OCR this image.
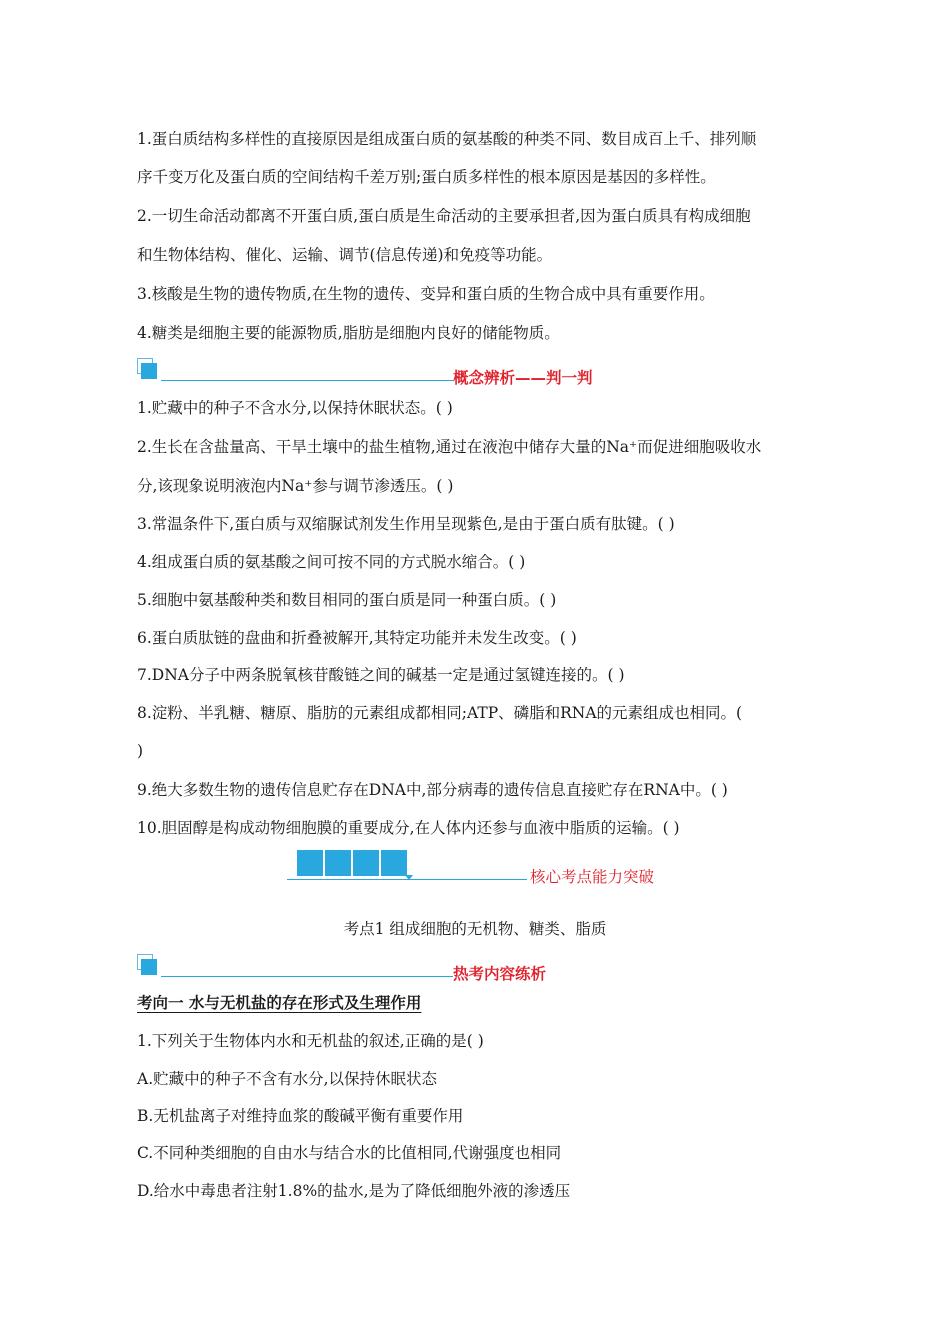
1.蛋白质结构多样性的直接原因是组成蛋白质的氨基酸的种类不同、数目成百上千、排列顺
序千变万化及蛋白质的空间结构千差万别;蛋白质多样性的根本原因是基因的多样性。
2.一切生命活动都离不开蛋白质,蛋白质是生命活动的主要承担者,因为蛋白质具有构成细胞
和生物体结构、催化、运输、调节(信息传递)和免疫等功能。
3.核酸是生物的遗传物质,在生物的遗传、变异和蛋白质的生物合成中具有重要作用。
4.糖类是细胞主要的能源物质,脂肪是细胞内良好的储能物质。
概念辨析——判一判
1.贮藏中的种子不含水分,以保持休眠状态。( )
2.生长在含盐量高、干旱土壤中的盐生植物,通过在液泡中储存大量的Na⁺而促进细胞吸收水
分,该现象说明液泡内Na⁺参与调节渗透压。( )
3.常温条件下,蛋白质与双缩脲试剂发生作用呈现紫色,是由于蛋白质有肽键。( )
4.组成蛋白质的氨基酸之间可按不同的方式脱水缩合。( )
5.细胞中氨基酸种类和数目相同的蛋白质是同一种蛋白质。( )
6.蛋白质肽链的盘曲和折叠被解开,其特定功能并未发生改变。( )
7.DNA分子中两条脱氧核苷酸链之间的碱基一定是通过氢键连接的。( )
8.淀粉、半乳糖、糖原、脂肪的元素组成都相同;ATP、磷脂和RNA的元素组成也相同。(
)
9.绝大多数生物的遗传信息贮存在DNA中,部分病毒的遗传信息直接贮存在RNA中。( )
10.胆固醇是构成动物细胞膜的重要成分,在人体内还参与血液中脂质的运输。( )
核心考点能力突破
考点1 组成细胞的无机物、糖类、脂质
热考内容练析
考向一 水与无机盐的存在形式及生理作用
1.下列关于生物体内水和无机盐的叙述,正确的是( )
A.贮藏中的种子不含有水分,以保持休眠状态
B.无机盐离子对维持血浆的酸碱平衡有重要作用
C.不同种类细胞的自由水与结合水的比值相同,代谢强度也相同
D.给水中毒患者注射1.8%的盐水,是为了降低细胞外液的渗透压
